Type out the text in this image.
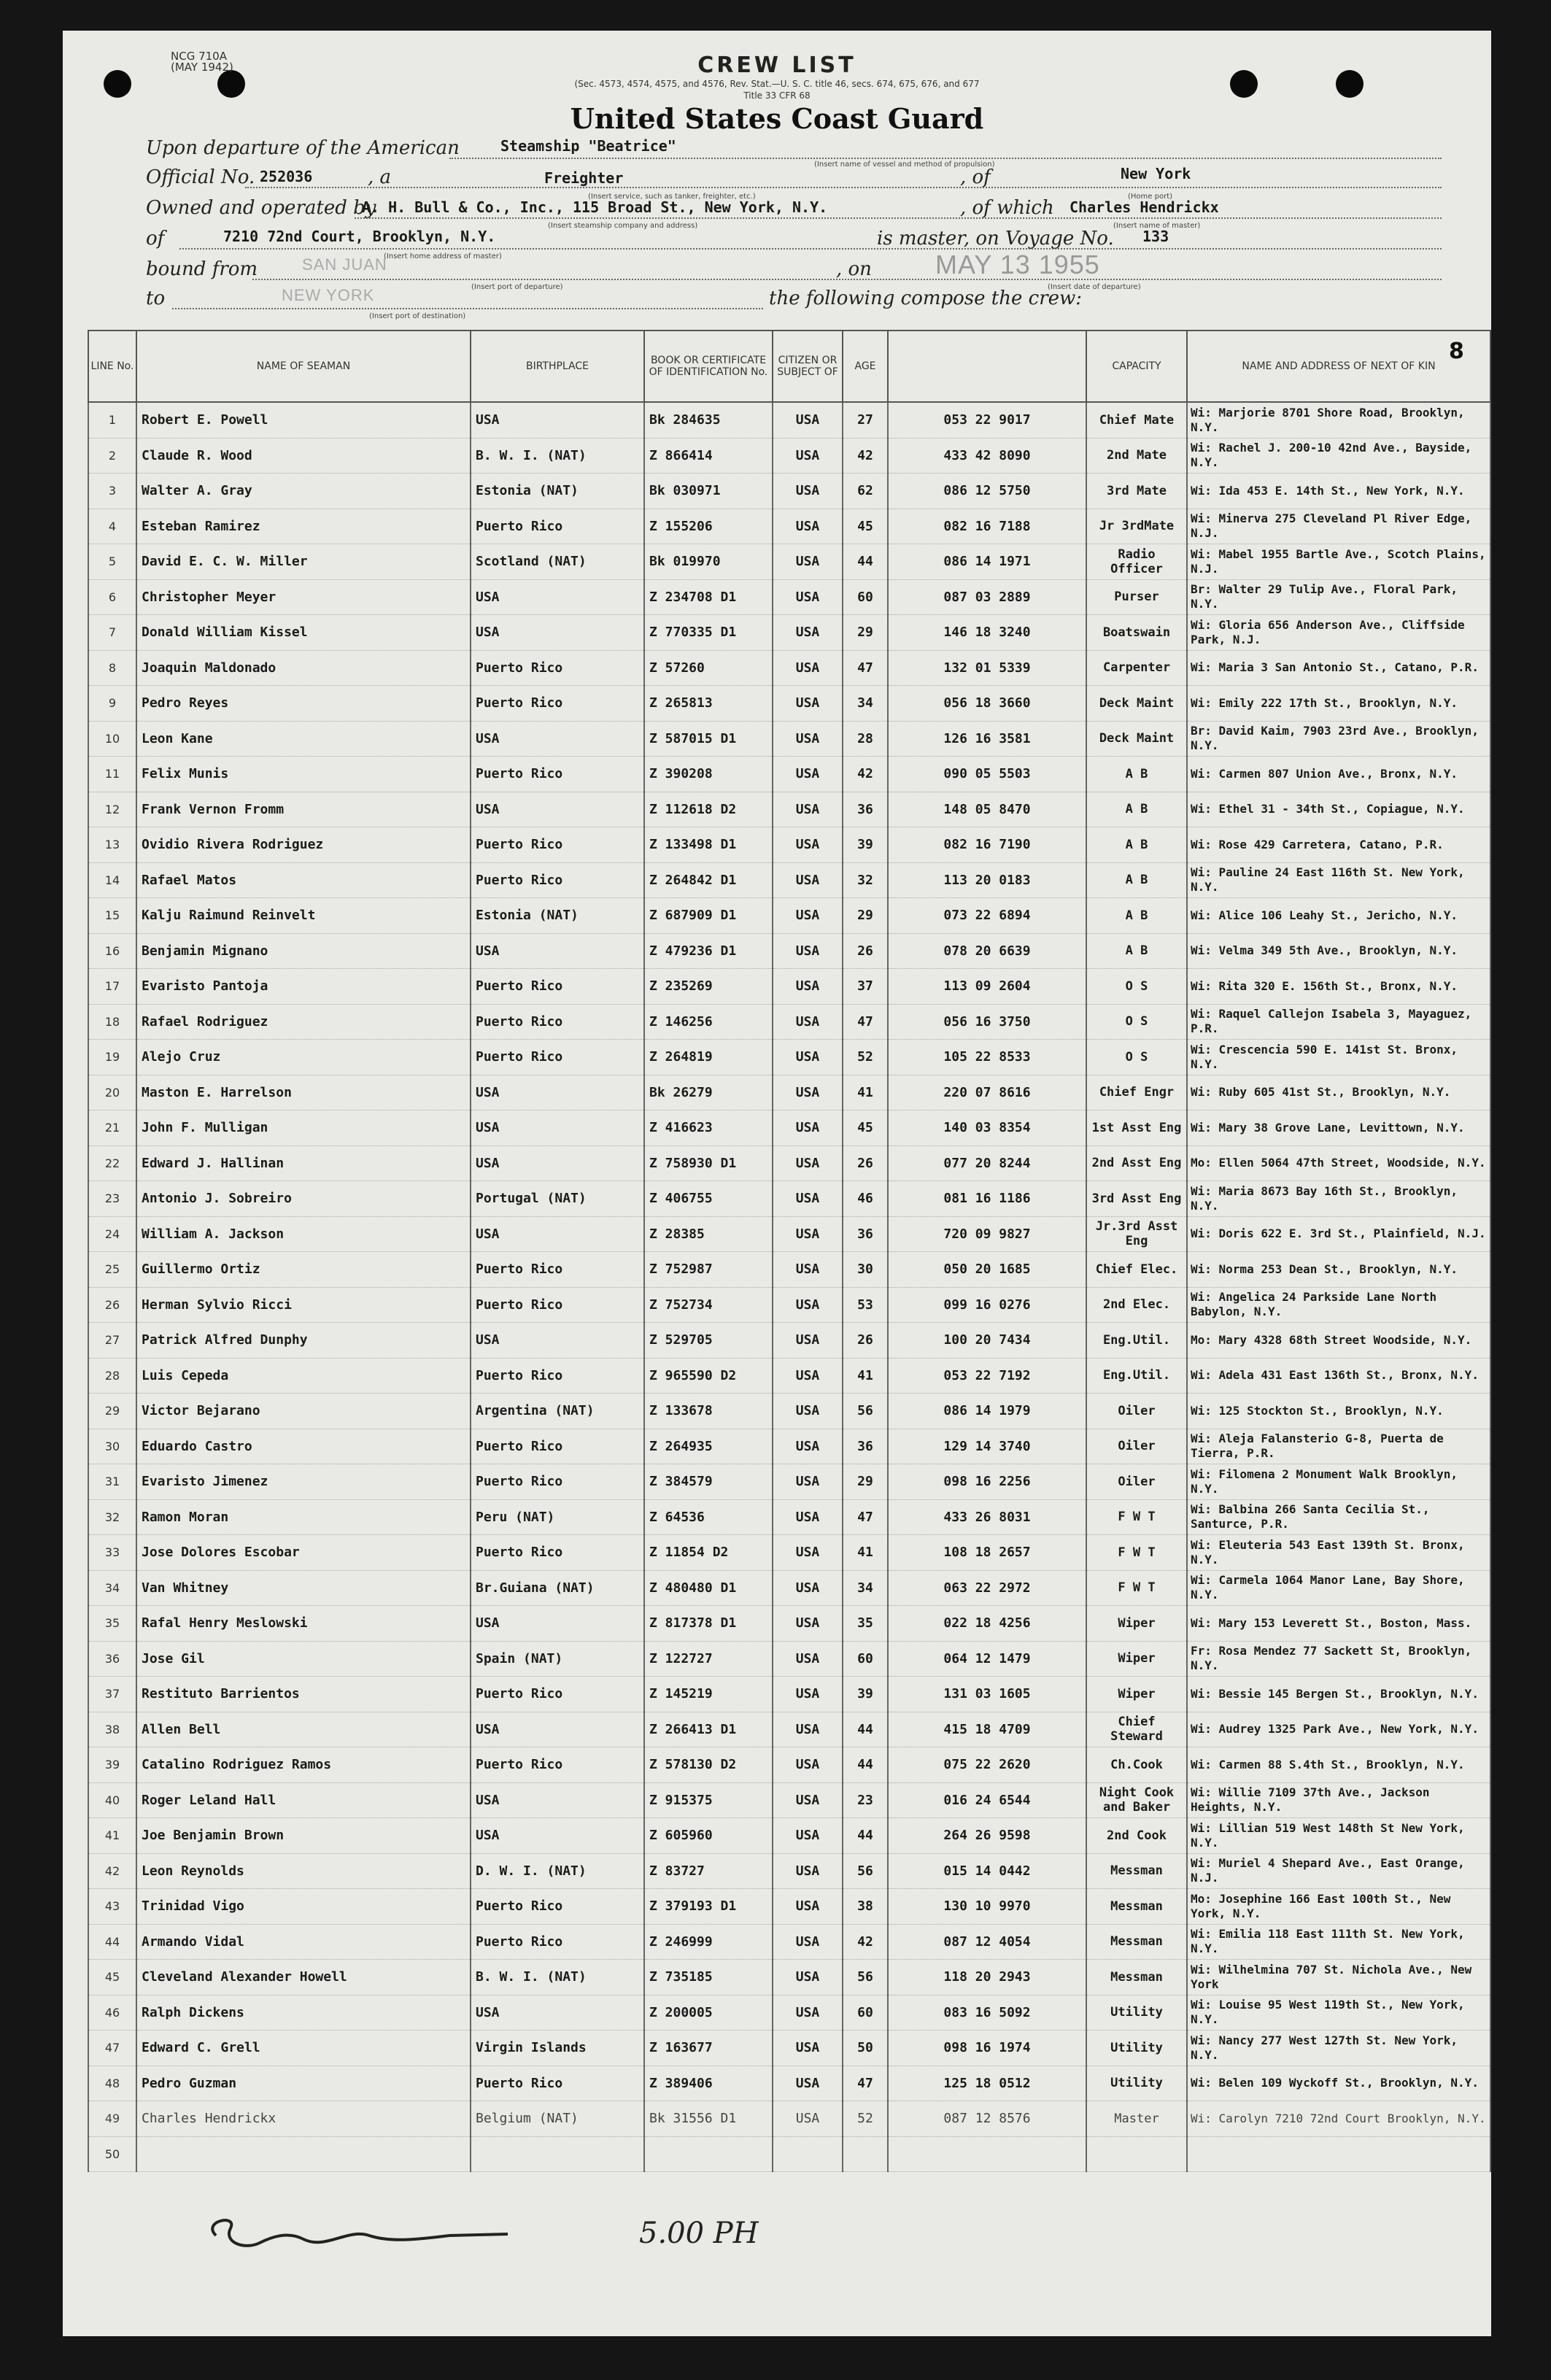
NCG 710A
(MAY 1942)	CREW LIST
(Sec. 4573, 4574, 4575, and 4576, Rev. Stat.—U. S. C. title 46, secs. 674, 675, 676, and 677
Title 33 CFR 68
United States Coast Guard
8
Upon departure of the American	Steamship "Beatrice"
(Insert name of vessel and method of propulsion)
Official No. 252036	, a	Freighter
(Insert service, such as tanker, freighter, etc.)
, of	New York
Owned and operated by
A. H. Bull & Co., Inc., 115 Broad St., New York, N.Y.
(Insert steamship company and address)
(Home port)
, of which Charles Hendrickx
(Insert name of master)
of	7210 72nd Court, Brooklyn, N.Y.
(Insert home address of master)
is master, on Voyage No. 133
bound from	SAN JUAN
(Insert port of departure)
, on MAY 13 1955
(Insert date of departure)
to	NEW YORK
(Insert port of destination)
the following compose the crew:
LINE No.	NAME OF SEAMAN	BIRTHPLACE	BOOK OR CERTIFICATE OF IDENTIFICATION No.	CITIZEN OR SUBJECT OF	AGE		CAPACITY	NAME AND ADDRESS OF NEXT OF KIN
1	Robert E. Powell	USA	Bk 284635	USA	27	053 22 9017	Chief Mate	Wi: Marjorie 8701 Shore Road, Brooklyn, N.Y.
2	Claude R. Wood	B. W. I. (NAT)	Z 866414	USA	42	433 42 8090	2nd Mate	Wi: Rachel J. 200-10 42nd Ave., Bayside, N.Y.
3	Walter A. Gray	Estonia (NAT)	Bk 030971	USA	62	086 12 5750	3rd Mate	Wi: Ida 453 E. 14th St., New York, N.Y.
4	Esteban Ramirez	Puerto Rico	Z 155206	USA	45	082 16 7188	Jr 3rdMate	Wi: Minerva 275 Cleveland Pl River Edge, N.J.
5	David E. C. W. Miller	Scotland (NAT)	Bk 019970	USA	44	086 14 1971	Radio Officer	Wi: Mabel 1955 Bartle Ave., Scotch Plains, N.J.
6	Christopher Meyer	USA	Z 234708 D1	USA	60	087 03 2889	Purser	Br: Walter 29 Tulip Ave., Floral Park, N.Y.
7	Donald William Kissel	USA	Z 770335 D1	USA	29	146 18 3240	Boatswain	Wi: Gloria 656 Anderson Ave., Cliffside Park, N.J.
8	Joaquin Maldonado	Puerto Rico	Z 57260	USA	47	132 01 5339	Carpenter	Wi: Maria 3 San Antonio St., Catano, P.R.
9	Pedro Reyes	Puerto Rico	Z 265813	USA	34	056 18 3660	Deck Maint	Wi: Emily 222 17th St., Brooklyn, N.Y.
10	Leon Kane	USA	Z 587015 D1	USA	28	126 16 3581	Deck Maint	Br: David Kaim, 7903 23rd Ave., Brooklyn, N.Y.
11	Felix Munis	Puerto Rico	Z 390208	USA	42	090 05 5503	A B	Wi: Carmen 807 Union Ave., Bronx, N.Y.
12	Frank Vernon Fromm	USA	Z 112618 D2	USA	36	148 05 8470	A B	Wi: Ethel 31 - 34th St., Copiague, N.Y.
13	Ovidio Rivera Rodriguez	Puerto Rico	Z 133498 D1	USA	39	082 16 7190	A B	Wi: Rose 429 Carretera, Catano, P.R.
14	Rafael Matos	Puerto Rico	Z 264842 D1	USA	32	113 20 0183	A B	Wi: Pauline 24 East 116th St. New York, N.Y.
15	Kalju Raimund Reinvelt	Estonia (NAT)	Z 687909 D1	USA	29	073 22 6894	A B	Wi: Alice 106 Leahy St., Jericho, N.Y.
16	Benjamin Mignano	USA	Z 479236 D1	USA	26	078 20 6639	A B	Wi: Velma 349 5th Ave., Brooklyn, N.Y.
17	Evaristo Pantoja	Puerto Rico	Z 235269	USA	37	113 09 2604	O S	Wi: Rita 320 E. 156th St., Bronx, N.Y.
18	Rafael Rodriguez	Puerto Rico	Z 146256	USA	47	056 16 3750	O S	Wi: Raquel Callejon Isabela 3, Mayaguez, P.R.
19	Alejo Cruz	Puerto Rico	Z 264819	USA	52	105 22 8533	O S	Wi: Crescencia 590 E. 141st St. Bronx, N.Y.
20	Maston E. Harrelson	USA	Bk 26279	USA	41	220 07 8616	Chief Engr	Wi: Ruby 605 41st St., Brooklyn, N.Y.
21	John F. Mulligan	USA	Z 416623	USA	45	140 03 8354	1st Asst Eng	Wi: Mary 38 Grove Lane, Levittown, N.Y.
22	Edward J. Hallinan	USA	Z 758930 D1	USA	26	077 20 8244	2nd Asst Eng	Mo: Ellen 5064 47th Street, Woodside, N.Y.
23	Antonio J. Sobreiro	Portugal (NAT)	Z 406755	USA	46	081 16 1186	3rd Asst Eng	Wi: Maria 8673 Bay 16th St., Brooklyn, N.Y.
24	William A. Jackson	USA	Z 28385	USA	36	720 09 9827	Jr.3rd Asst Eng	Wi: Doris 622 E. 3rd St., Plainfield, N.J.
25	Guillermo Ortiz	Puerto Rico	Z 752987	USA	30	050 20 1685	Chief Elec.	Wi: Norma 253 Dean St., Brooklyn, N.Y.
26	Herman Sylvio Ricci	Puerto Rico	Z 752734	USA	53	099 16 0276	2nd Elec.	Wi: Angelica 24 Parkside Lane North Babylon, N.Y.
27	Patrick Alfred Dunphy	USA	Z 529705	USA	26	100 20 7434	Eng.Util.	Mo: Mary 4328 68th Street Woodside, N.Y.
28	Luis Cepeda	Puerto Rico	Z 965590 D2	USA	41	053 22 7192	Eng.Util.	Wi: Adela 431 East 136th St., Bronx, N.Y.
29	Victor Bejarano	Argentina (NAT)	Z 133678	USA	56	086 14 1979	Oiler	Wi: 125 Stockton St., Brooklyn, N.Y.
30	Eduardo Castro	Puerto Rico	Z 264935	USA	36	129 14 3740	Oiler	Wi: Aleja Falansterio G-8, Puerta de Tierra, P.R.
31	Evaristo Jimenez	Puerto Rico	Z 384579	USA	29	098 16 2256	Oiler	Wi: Filomena 2 Monument Walk Brooklyn, N.Y.
32	Ramon Moran	Peru (NAT)	Z 64536	USA	47	433 26 8031	F W T	Wi: Balbina 266 Santa Cecilia St., Santurce, P.R.
33	Jose Dolores Escobar	Puerto Rico	Z 11854 D2	USA	41	108 18 2657	F W T	Wi: Eleuteria 543 East 139th St. Bronx, N.Y.
34	Van Whitney	Br.Guiana (NAT)	Z 480480 D1	USA	34	063 22 2972	F W T	Wi: Carmela 1064 Manor Lane, Bay Shore, N.Y.
35	Rafal Henry Meslowski	USA	Z 817378 D1	USA	35	022 18 4256	Wiper	Wi: Mary 153 Leverett St., Boston, Mass.
36	Jose Gil	Spain (NAT)	Z 122727	USA	60	064 12 1479	Wiper	Fr: Rosa Mendez 77 Sackett St, Brooklyn, N.Y.
37	Restituto Barrientos	Puerto Rico	Z 145219	USA	39	131 03 1605	Wiper	Wi: Bessie 145 Bergen St., Brooklyn, N.Y.
38	Allen Bell	USA	Z 266413 D1	USA	44	415 18 4709	Chief Steward	Wi: Audrey 1325 Park Ave., New York, N.Y.
39	Catalino Rodriguez Ramos	Puerto Rico	Z 578130 D2	USA	44	075 22 2620	Ch.Cook	Wi: Carmen 88 S.4th St., Brooklyn, N.Y.
40	Roger Leland Hall	USA	Z 915375	USA	23	016 24 6544	Night Cook and Baker	Wi: Willie 7109 37th Ave., Jackson Heights, N.Y.
41	Joe Benjamin Brown	USA	Z 605960	USA	44	264 26 9598	2nd Cook	Wi: Lillian 519 West 148th St New York, N.Y.
42	Leon Reynolds	D. W. I. (NAT)	Z 83727	USA	56	015 14 0442	Messman	Wi: Muriel 4 Shepard Ave., East Orange, N.J.
43	Trinidad Vigo	Puerto Rico	Z 379193 D1	USA	38	130 10 9970	Messman	Mo: Josephine 166 East 100th St., New York, N.Y.
44	Armando Vidal	Puerto Rico	Z 246999	USA	42	087 12 4054	Messman	Wi: Emilia 118 East 111th St. New York, N.Y.
45	Cleveland Alexander Howell	B. W. I. (NAT)	Z 735185	USA	56	118 20 2943	Messman	Wi: Wilhelmina 707 St. Nichola Ave., New York
46	Ralph Dickens	USA	Z 200005	USA	60	083 16 5092	Utility	Wi: Louise 95 West 119th St., New York, N.Y.
47	Edward C. Grell	Virgin Islands	Z 163677	USA	50	098 16 1974	Utility	Wi: Nancy 277 West 127th St. New York, N.Y.
48	Pedro Guzman	Puerto Rico	Z 389406	USA	47	125 18 0512	Utility	Wi: Belen 109 Wyckoff St., Brooklyn, N.Y.
49	Charles Hendrickx	Belgium (NAT)	Bk 31556 D1	USA	52	087 12 8576	Master	Wi: Carolyn 7210 72nd Court Brooklyn, N.Y.
50								
5.00 PH
